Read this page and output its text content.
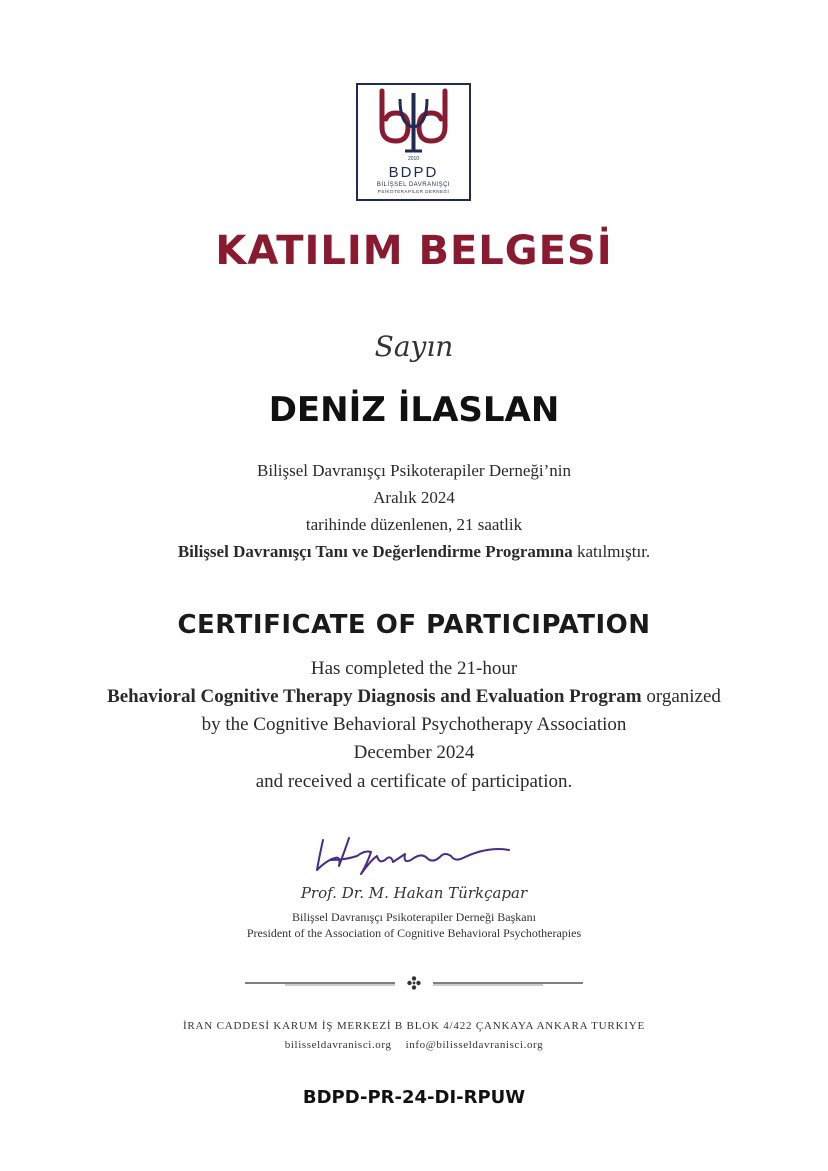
2010
BDPD
BİLİŞSEL DAVRANIŞÇI
PSİKOTERAPİLER DERNEĞİ
KATILIM BELGESİ
Sayın
DENİZ İLASLAN
Bilişsel Davranışçı Psikoterapiler Derneği’nin
Aralık 2024
tarihinde düzenlenen, 21 saatlik
Bilişsel Davranışçı Tanı ve Değerlendirme Programına katılmıştır.
CERTIFICATE OF PARTICIPATION
Has completed the 21-hour
Behavioral Cognitive Therapy Diagnosis and Evaluation Program organized
by the Cognitive Behavioral Psychotherapy Association
December 2024
and received a certificate of participation.
Prof. Dr. M. Hakan Türkçapar
Bilişsel Davranışçı Psikoterapiler Derneği Başkanı
President of the Association of Cognitive Behavioral Psychotherapies
İRAN CADDESİ KARUM İŞ MERKEZİ B BLOK 4/422 ÇANKAYA ANKARA TURKIYE
bilisseldavranisci.org info@bilisseldavranisci.org
BDPD-PR-24-DI-RPUW
